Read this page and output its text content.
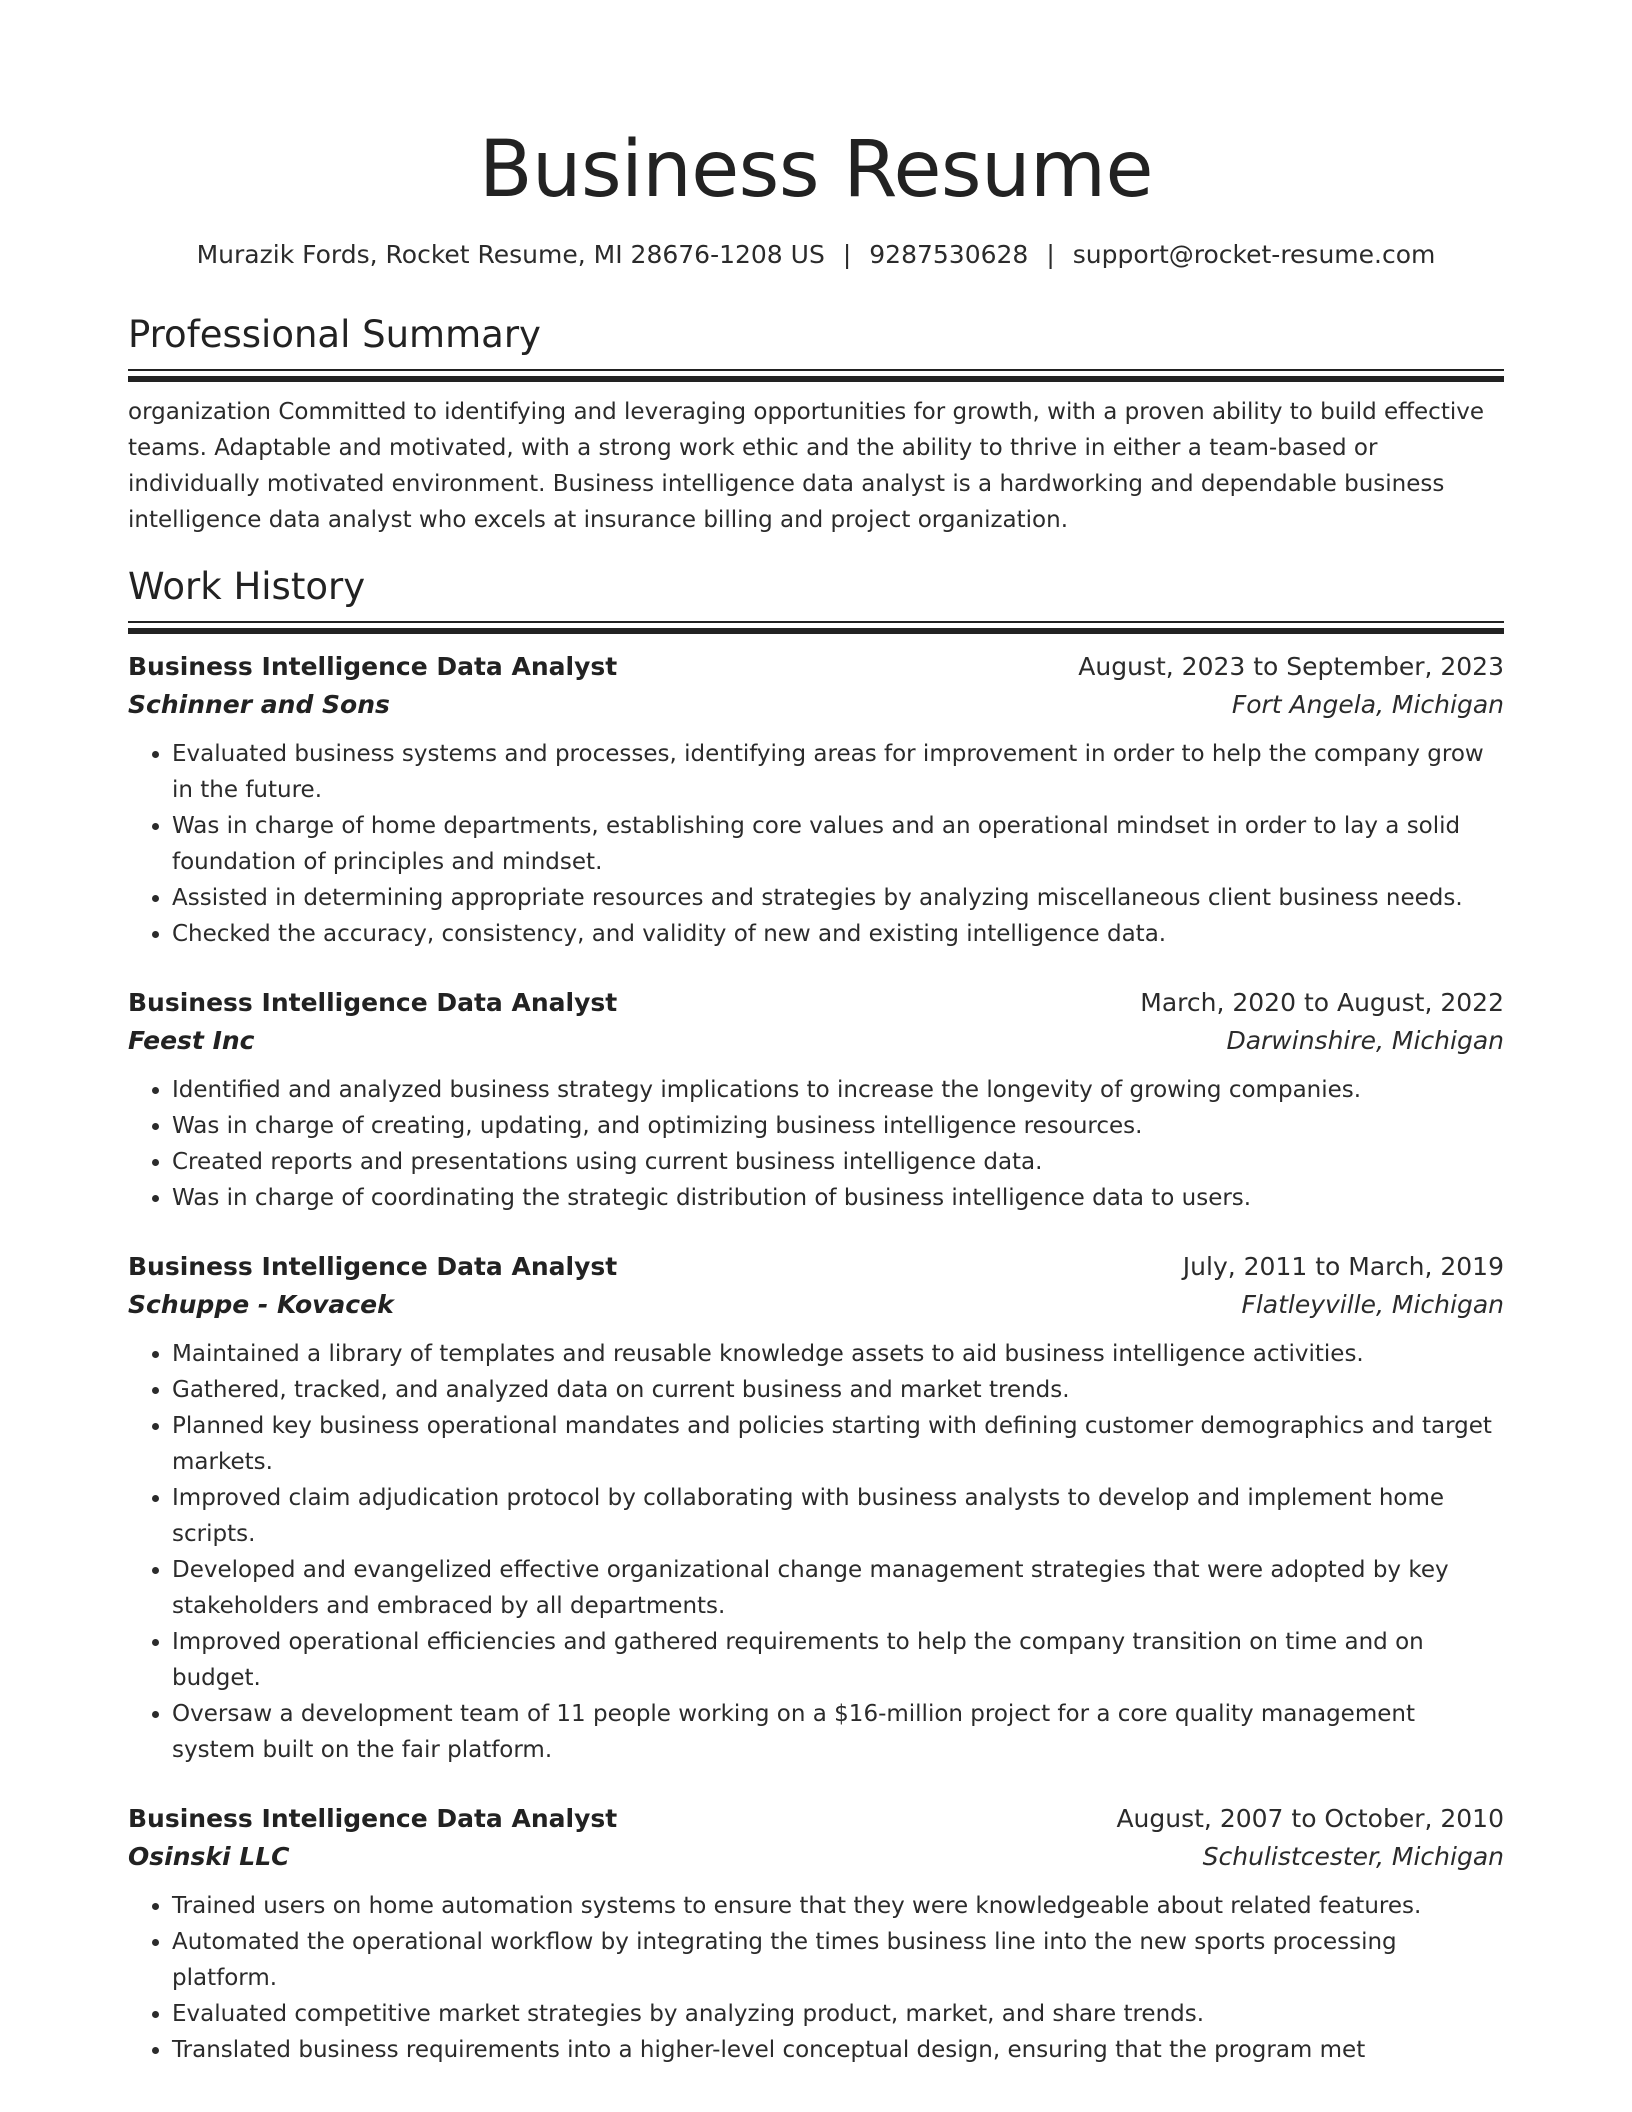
Business Resume
Murazik Fords, Rocket Resume, MI 28676-1208 US | 9287530628 | support@rocket-resume.com
Professional Summary

organization Committed to identifying and leveraging opportunities for growth, with a proven ability to build effective teams. Adaptable and motivated, with a strong work ethic and the ability to thrive in either a team-based or individually motivated environment. Business intelligence data analyst is a hardworking and dependable business intelligence data analyst who excels at insurance billing and project organization.

Work History
Business Intelligence Data Analyst	August, 2023 to September, 2023
Schinner and Sons	Fort Angela, Michigan
• Evaluated business systems and processes, identifying areas for improvement in order to help the company grow in the future.
• Was in charge of home departments, establishing core values and an operational mindset in order to lay a solid foundation of principles and mindset.
• Assisted in determining appropriate resources and strategies by analyzing miscellaneous client business needs.
• Checked the accuracy, consistency, and validity of new and existing intelligence data.
Business Intelligence Data Analyst	March, 2020 to August, 2022
Feest Inc	Darwinshire, Michigan
• Identified and analyzed business strategy implications to increase the longevity of growing companies.
• Was in charge of creating, updating, and optimizing business intelligence resources.
• Created reports and presentations using current business intelligence data.
• Was in charge of coordinating the strategic distribution of business intelligence data to users.
Business Intelligence Data Analyst	July, 2011 to March, 2019
Schuppe - Kovacek	Flatleyville, Michigan
• Maintained a library of templates and reusable knowledge assets to aid business intelligence activities.
• Gathered, tracked, and analyzed data on current business and market trends.
• Planned key business operational mandates and policies starting with defining customer demographics and target markets.
• Improved claim adjudication protocol by collaborating with business analysts to develop and implement home scripts.
• Developed and evangelized effective organizational change management strategies that were adopted by key stakeholders and embraced by all departments.
• Improved operational efficiencies and gathered requirements to help the company transition on time and on budget.
• Oversaw a development team of 11 people working on a $16-million project for a core quality management system built on the fair platform.
Business Intelligence Data Analyst	August, 2007 to October, 2010
Osinski LLC	Schulistcester, Michigan
• Trained users on home automation systems to ensure that they were knowledgeable about related features.
• Automated the operational workflow by integrating the times business line into the new sports processing platform.
• Evaluated competitive market strategies by analyzing product, market, and share trends.
• Translated business requirements into a higher-level conceptual design, ensuring that the program met
